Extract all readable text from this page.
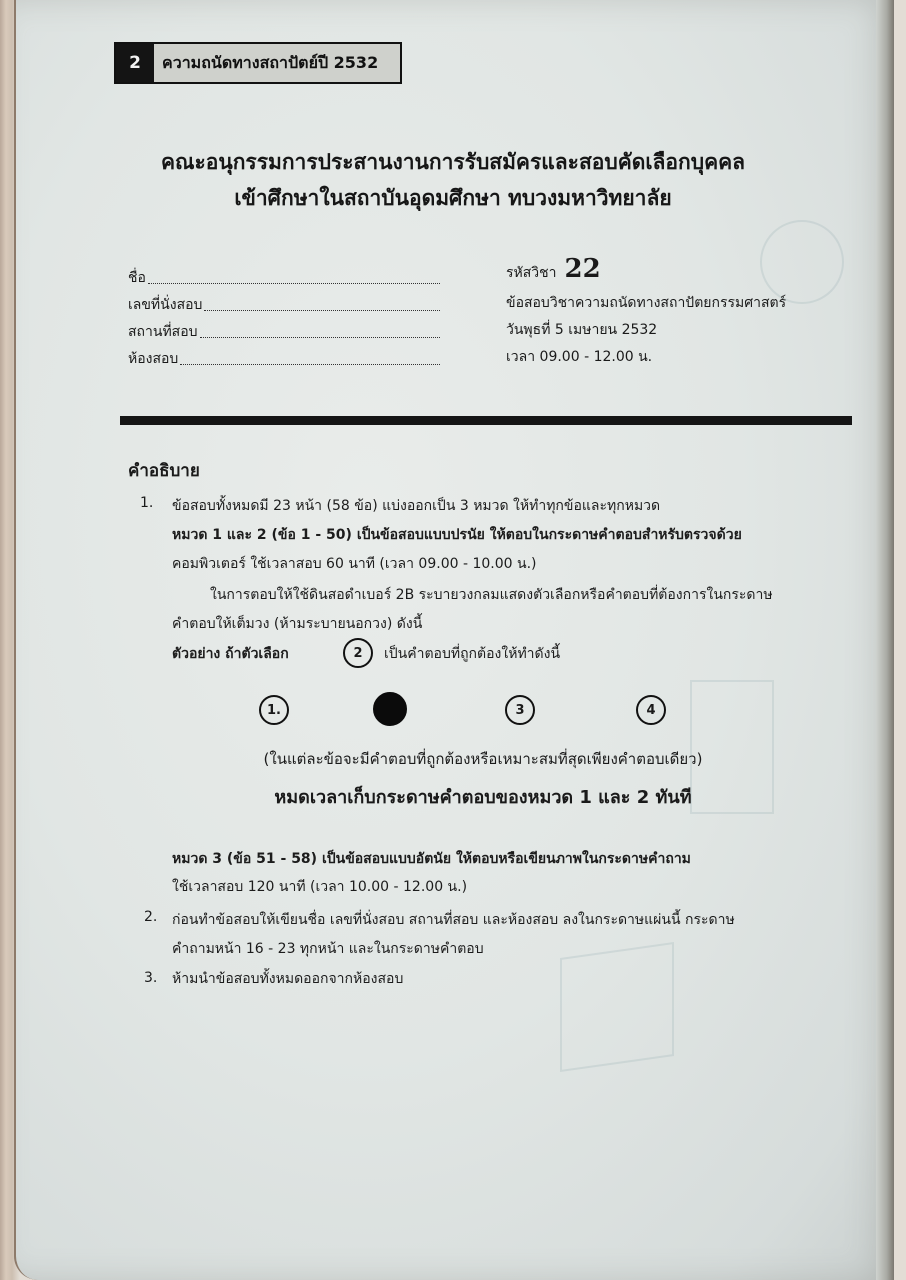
2	ความถนัดทางสถาปัตย์ปี 2532
คณะอนุกรรมการประสานงานการรับสมัครและสอบคัดเลือกบุคคล
เข้าศึกษาในสถาบันอุดมศึกษา ทบวงมหาวิทยาลัย
ชื่อ
เลขที่นั่งสอบ
สถานที่สอบ
ห้องสอบ
รหัสวิชา 22
ข้อสอบวิชาความถนัดทางสถาปัตยกรรมศาสตร์
วันพุธที่ 5 เมษายน 2532
เวลา 09.00 - 12.00 น.
คำอธิบาย
1. ข้อสอบทั้งหมดมี 23 หน้า (58 ข้อ) แบ่งออกเป็น 3 หมวด ให้ทำทุกข้อและทุกหมวด
หมวด 1 และ 2 (ข้อ 1 - 50) เป็นข้อสอบแบบปรนัย ให้ตอบในกระดาษคำตอบสำหรับตรวจด้วย
คอมพิวเตอร์ ใช้เวลาสอบ 60 นาที (เวลา 09.00 - 10.00 น.)
ในการตอบให้ใช้ดินสอดำเบอร์ 2B ระบายวงกลมแสดงตัวเลือกหรือคำตอบที่ต้องการในกระดาษ
คำตอบให้เต็มวง (ห้ามระบายนอกวง) ดังนี้
ตัวอย่าง ถ้าตัวเลือก	2 เป็นคำตอบที่ถูกต้องให้ทำดังนี้
1.	3	4
(ในแต่ละข้อจะมีคำตอบที่ถูกต้องหรือเหมาะสมที่สุดเพียงคำตอบเดียว)
หมดเวลาเก็บกระดาษคำตอบของหมวด 1 และ 2 ทันที
หมวด 3 (ข้อ 51 - 58) เป็นข้อสอบแบบอัตนัย ให้ตอบหรือเขียนภาพในกระดาษคำถาม
ใช้เวลาสอบ 120 นาที (เวลา 10.00 - 12.00 น.)
2. ก่อนทำข้อสอบให้เขียนชื่อ เลขที่นั่งสอบ สถานที่สอบ และห้องสอบ ลงในกระดาษแผ่นนี้ กระดาษ
คำถามหน้า 16 - 23 ทุกหน้า และในกระดาษคำตอบ
3. ห้ามนำข้อสอบทั้งหมดออกจากห้องสอบ
